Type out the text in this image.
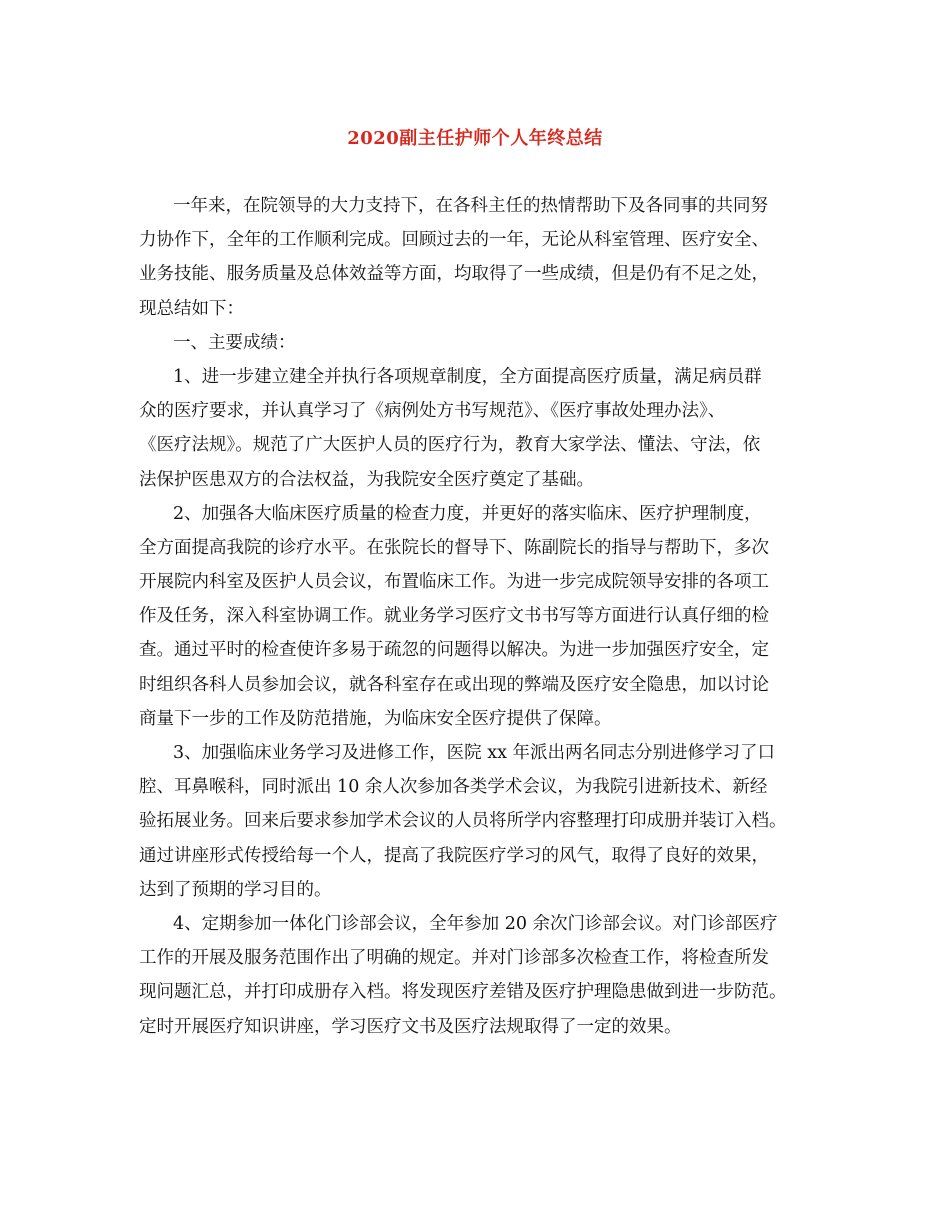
2020副主任护师个人年终总结
一年来，在院领导的大力支持下，在各科主任的热情帮助下及各同事的共同努
力协作下，全年的工作顺利完成。回顾过去的一年，无论从科室管理、医疗安全、
业务技能、服务质量及总体效益等方面，均取得了一些成绩，但是仍有不足之处，
现总结如下：
一、主要成绩：
1、进一步建立建全并执行各项规章制度，全方面提高医疗质量，满足病员群
众的医疗要求，并认真学习了《病例处方书写规范》、《医疗事故处理办法》、
《医疗法规》。规范了广大医护人员的医疗行为，教育大家学法、懂法、守法，依
法保护医患双方的合法权益，为我院安全医疗奠定了基础。
2、加强各大临床医疗质量的检查力度，并更好的落实临床、医疗护理制度，
全方面提高我院的诊疗水平。在张院长的督导下、陈副院长的指导与帮助下，多次
开展院内科室及医护人员会议，布置临床工作。为进一步完成院领导安排的各项工
作及任务，深入科室协调工作。就业务学习医疗文书书写等方面进行认真仔细的检
查。通过平时的检查使许多易于疏忽的问题得以解决。为进一步加强医疗安全，定
时组织各科人员参加会议，就各科室存在或出现的弊端及医疗安全隐患，加以讨论
商量下一步的工作及防范措施，为临床安全医疗提供了保障。
3、加强临床业务学习及进修工作，医院 xx 年派出两名同志分别进修学习了口
腔、耳鼻喉科，同时派出 10 余人次参加各类学术会议，为我院引进新技术、新经
验拓展业务。回来后要求参加学术会议的人员将所学内容整理打印成册并装订入档。
通过讲座形式传授给每一个人，提高了我院医疗学习的风气，取得了良好的效果，
达到了预期的学习目的。
4、定期参加一体化门诊部会议，全年参加 20 余次门诊部会议。对门诊部医疗
工作的开展及服务范围作出了明确的规定。并对门诊部多次检查工作，将检查所发
现问题汇总，并打印成册存入档。将发现医疗差错及医疗护理隐患做到进一步防范。
定时开展医疗知识讲座，学习医疗文书及医疗法规取得了一定的效果。
